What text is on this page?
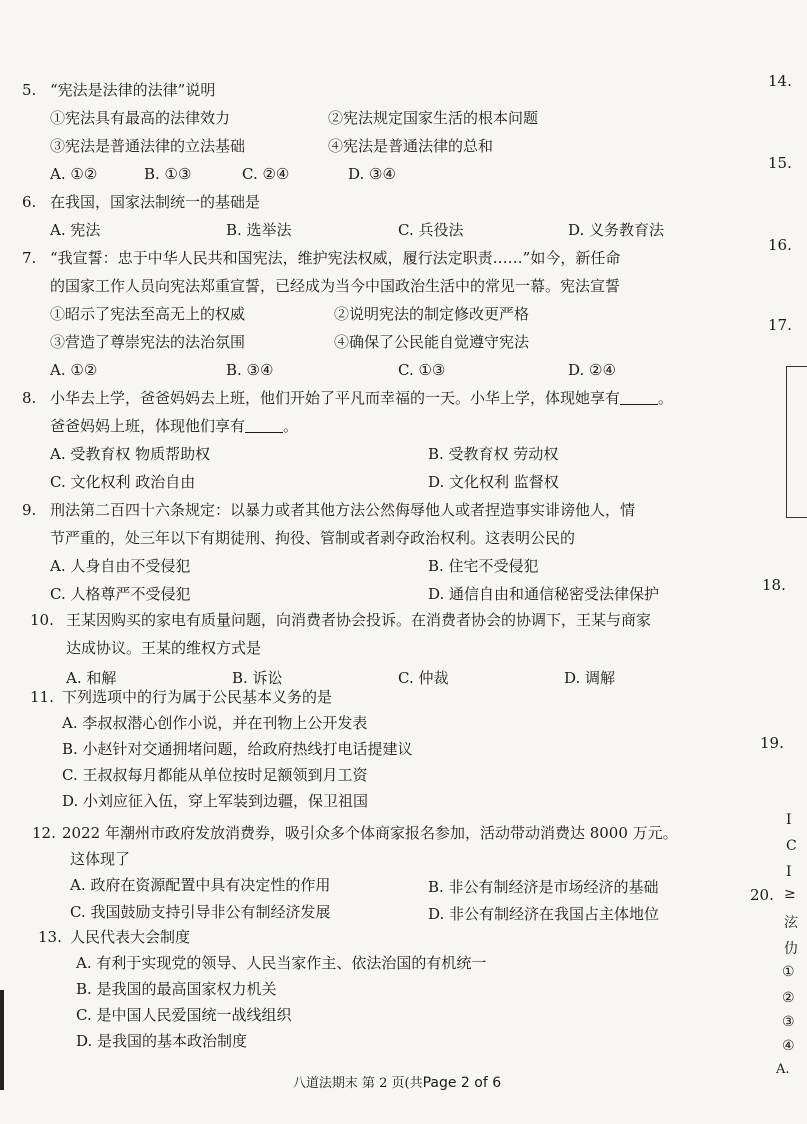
5. “宪法是法律的法律”说明
①宪法具有最高的法律效力	②宪法规定国家生活的根本问题
③宪法是普通法律的立法基础	④宪法是普通法律的总和
A. ①②	B. ①③	C. ②④	D. ③④
6. 在我国，国家法制统一的基础是
A. 宪法	B. 选举法	C. 兵役法	D. 义务教育法
7. “我宣誓：忠于中华人民共和国宪法，维护宪法权威，履行法定职责……”如今，新任命
的国家工作人员向宪法郑重宣誓，已经成为当今中国政治生活中的常见一幕。宪法宣誓
①昭示了宪法至高无上的权威	②说明宪法的制定修改更严格
③营造了尊崇宪法的法治氛围	④确保了公民能自觉遵守宪法
A. ①②	B. ③④	C. ①③	D. ②④
8. 小华去上学，爸爸妈妈去上班，他们开始了平凡而幸福的一天。小华上学，体现她享有	。
爸爸妈妈上班，体现他们享有	。
A. 受教育权 物质帮助权	B. 受教育权 劳动权
C. 文化权利 政治自由	D. 文化权利 监督权
9. 刑法第二百四十六条规定：以暴力或者其他方法公然侮辱他人或者捏造事实诽谤他人，情
节严重的，处三年以下有期徒刑、拘役、管制或者剥夺政治权利。这表明公民的
A. 人身自由不受侵犯	B. 住宅不受侵犯
C. 人格尊严不受侵犯	D. 通信自由和通信秘密受法律保护
10. 王某因购买的家电有质量问题，向消费者协会投诉。在消费者协会的协调下，王某与商家
达成协议。王某的维权方式是
A. 和解	B. 诉讼	C. 仲裁	D. 调解
11. 下列选项中的行为属于公民基本义务的是
A. 李叔叔潜心创作小说，并在刊物上公开发表
B. 小赵针对交通拥堵问题，给政府热线打电话提建议
C. 王叔叔每月都能从单位按时足额领到月工资
D. 小刘应征入伍，穿上军装到边疆，保卫祖国
12. 2022 年潮州市政府发放消费券，吸引众多个体商家报名参加，活动带动消费达 8000 万元。
这体现了
A. 政府在资源配置中具有决定性的作用	B. 非公有制经济是市场经济的基础
C. 我国鼓励支持引导非公有制经济发展	D. 非公有制经济在我国占主体地位
13. 人民代表大会制度
A. 有利于实现党的领导、人民当家作主、依法治国的有机统一
B. 是我国的最高国家权力机关
C. 是中国人民爱国统一战线组织
D. 是我国的基本政治制度
14.
15.
16.
17.
18.
19.
I
C
I
20. ≥
泫
仂
①
②
③
④
A.
八道法期末 第 2 页(共Page 2 of 6
